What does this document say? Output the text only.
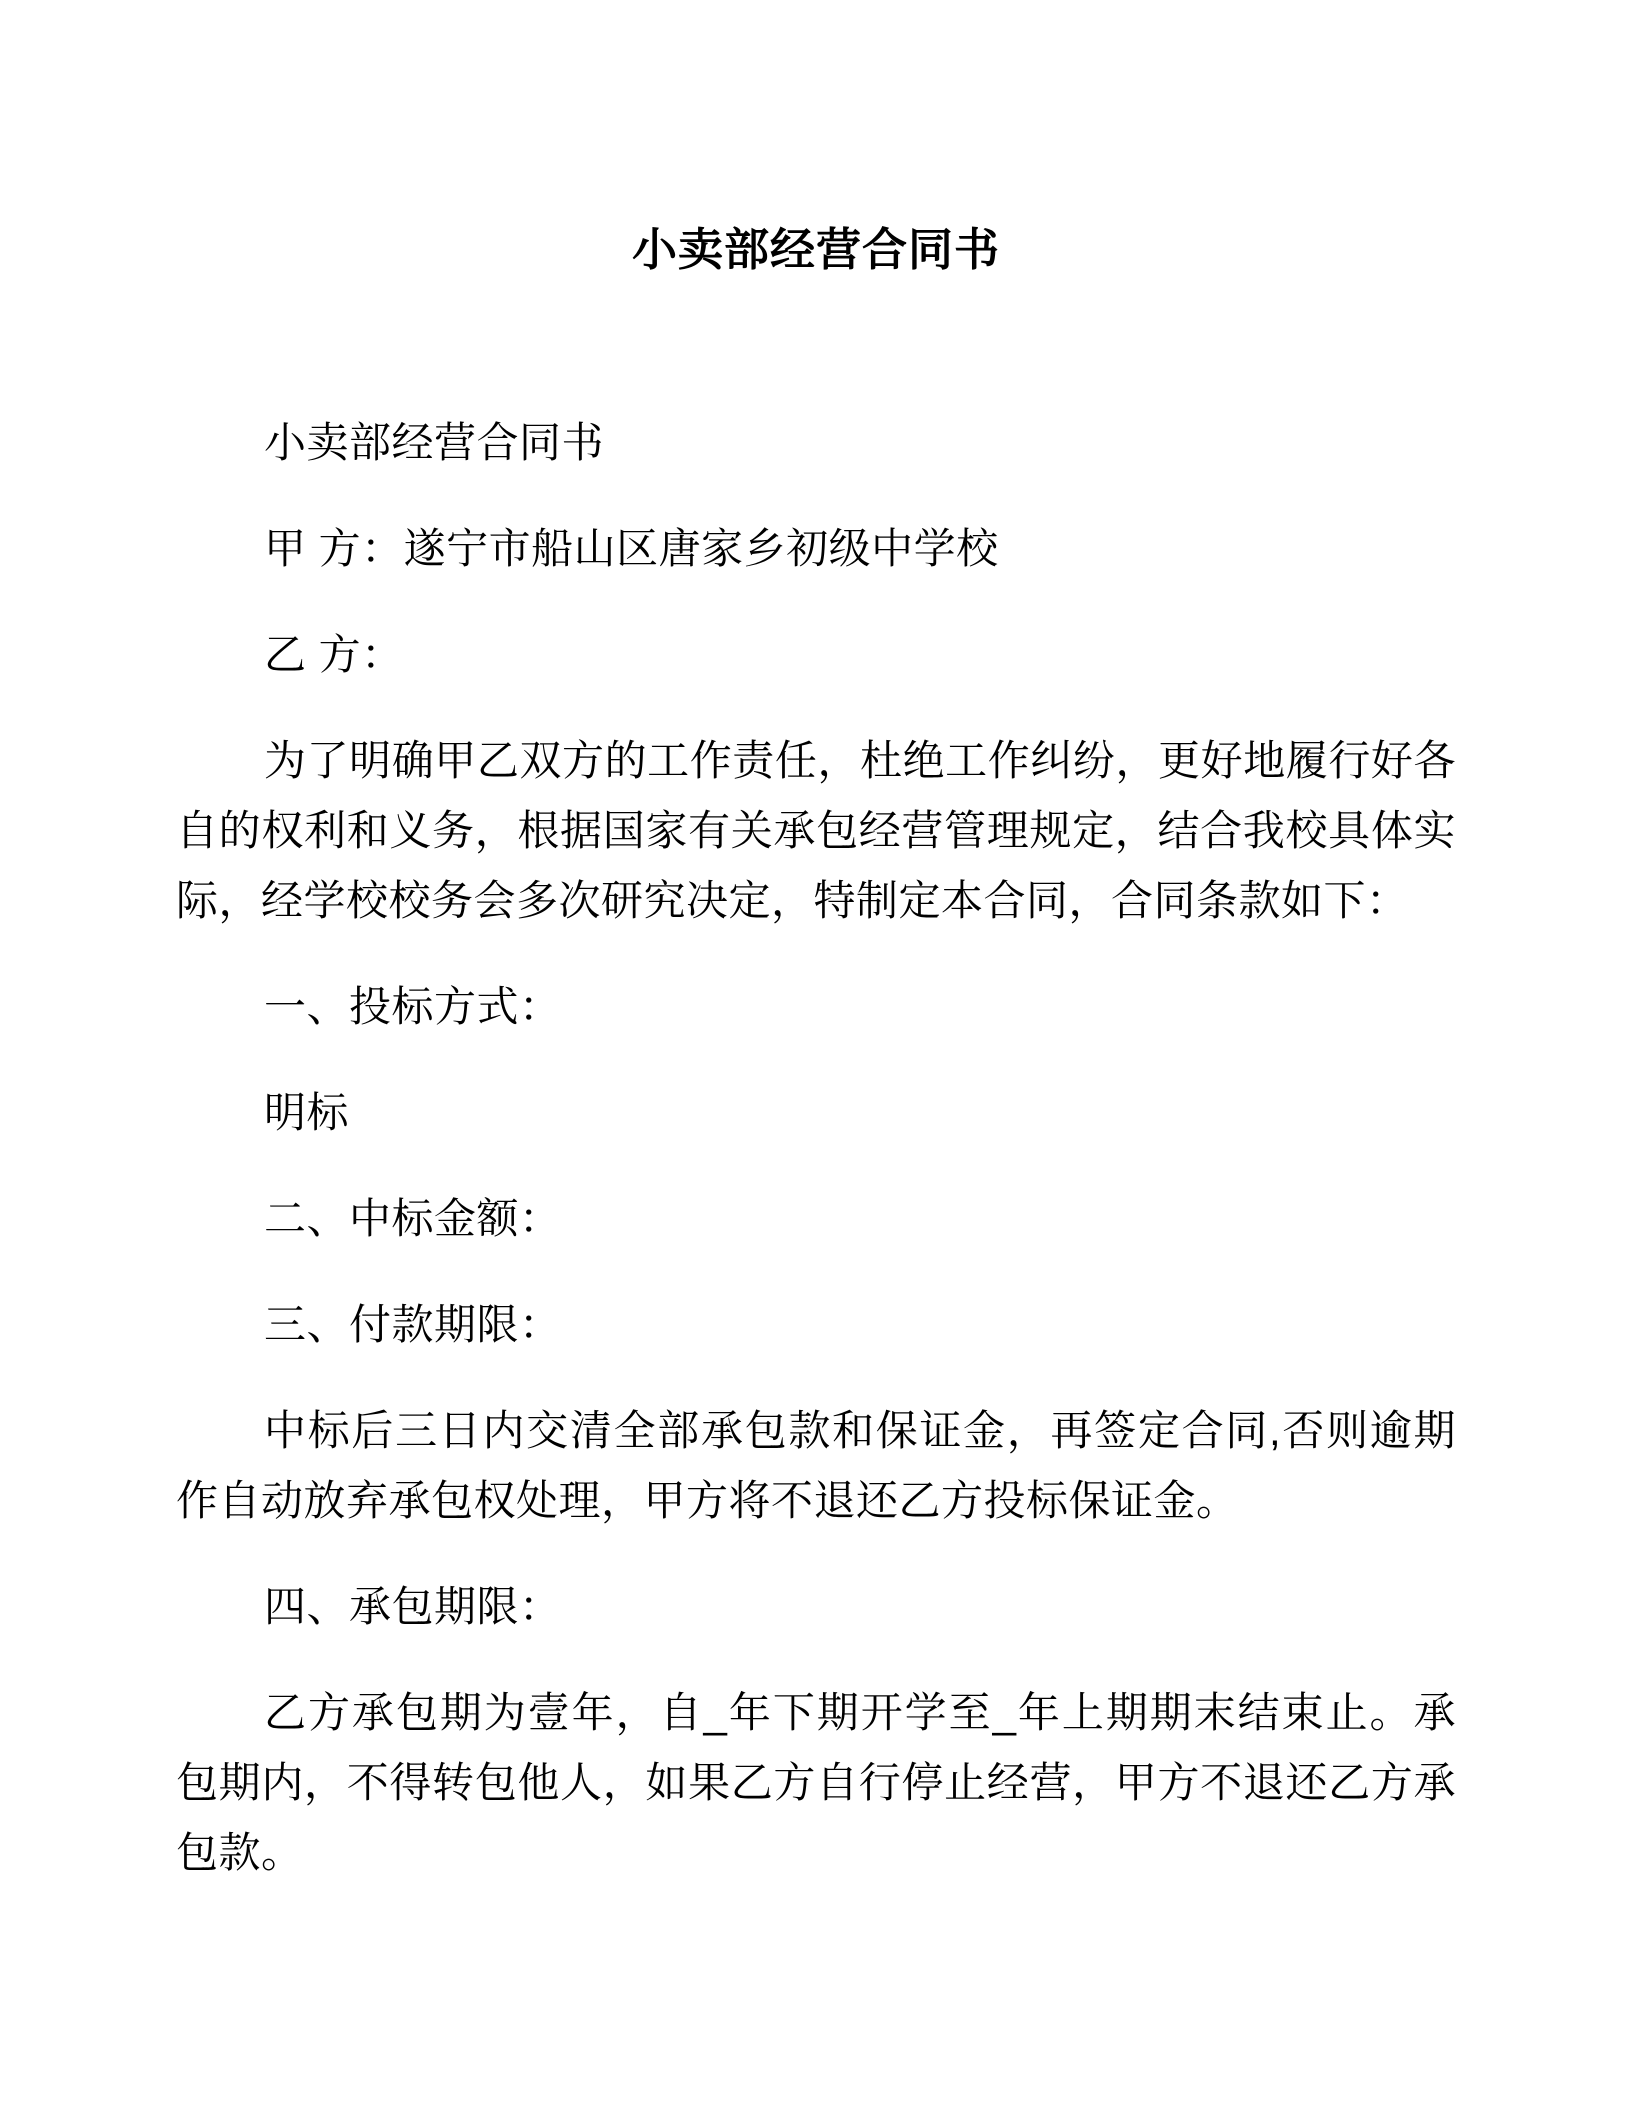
小卖部经营合同书

小卖部经营合同书

甲 方：遂宁市船山区唐家乡初级中学校

乙 方：

为了明确甲乙双方的工作责任，杜绝工作纠纷，更好地履行好各自的权利和义务，根据国家有关承包经营管理规定，结合我校具体实际，经学校校务会多次研究决定，特制定本合同，合同条款如下：

一、投标方式：

明标

二、中标金额：

三、付款期限：

中标后三日内交清全部承包款和保证金，再签定合同,否则逾期作自动放弃承包权处理，甲方将不退还乙方投标保证金。

四、承包期限：

乙方承包期为壹年，自_年下期开学至_年上期期末结束止。承包期内，不得转包他人，如果乙方自行停止经营，甲方不退还乙方承包款。
